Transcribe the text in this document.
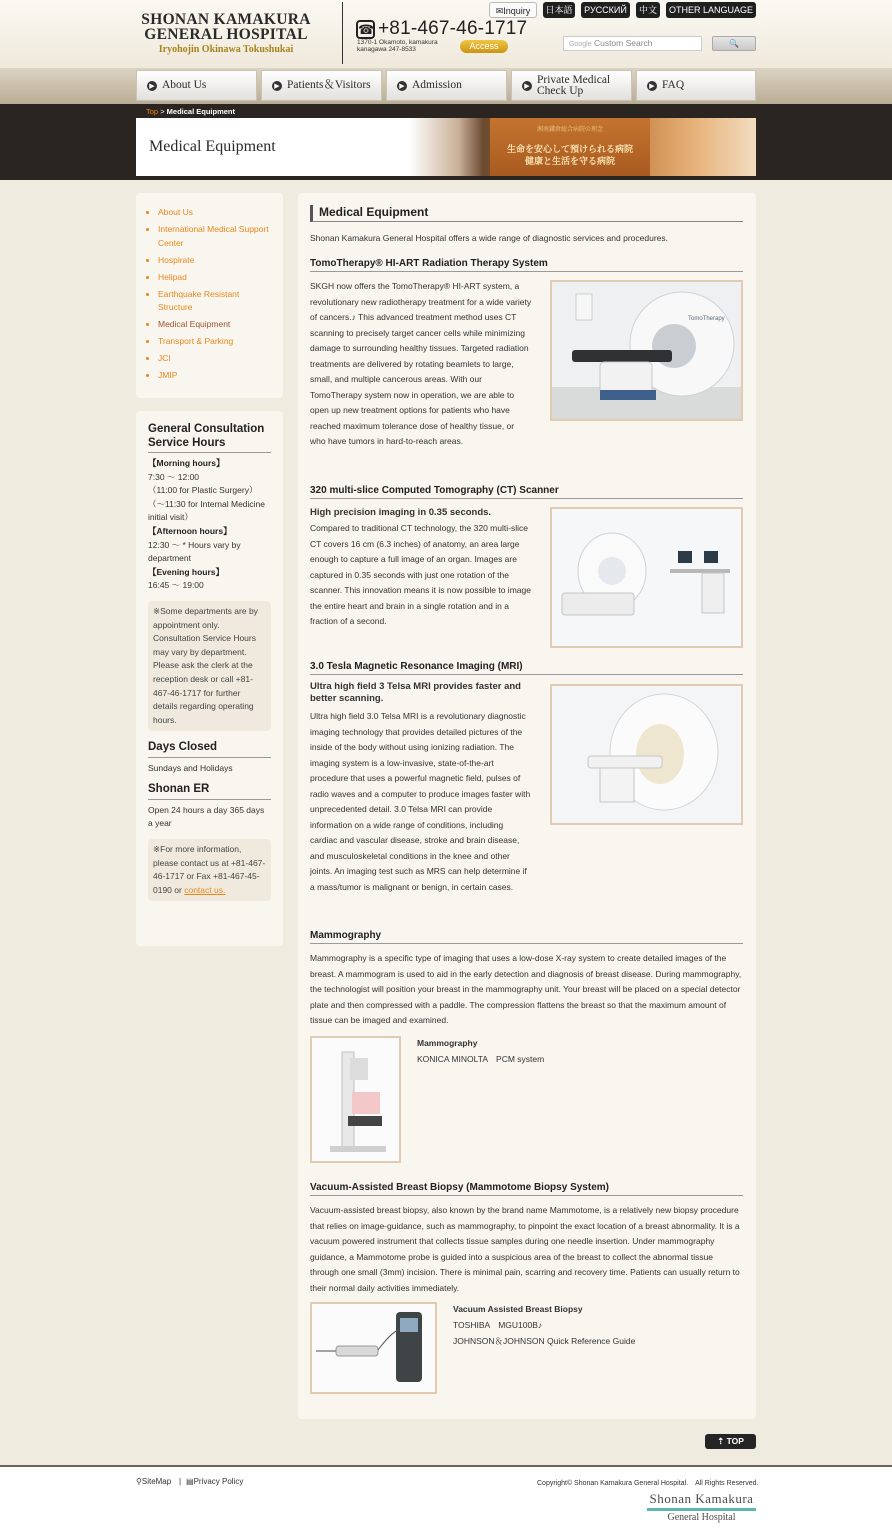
SHONAN KAMAKURA
GENERAL HOSPITAL
Iryohojin Okinawa Tokushukai
☎ +81-467-46-1717
1370-1 Okamoto, kamakura kanagawa 247-8533	Access
✉Inquiry	日本語	РУССКИЙ	中文	OTHER LANGUAGE
Google Custom Search	🔍
▶ About Us	▶ Patients＆Visitors	▶ Admission	▶ Private Medical Check Up	▶ FAQ
Top > Medical Equipment
Medical Equipment
湘南鎌倉総合病院の理念
生命を安心して預けられる病院
健康と生活を守る病院
• About Us
• International Medical Support Center
• Hospirate
• Helipad
• Earthquake Resistant Structure
• Medical Equipment
• Transport & Parking
• JCI
• JMIP
General Consultation Service Hours
【Morning hours】
7:30 ～ 12:00
（11:00 for Plastic Surgery）
（～11:30 for Internal Medicine initial visit）
【Afternoon hours】
12:30 ～ * Hours vary by department
【Evening hours】
16:45 ～ 19:00
※Some departments are by appointment only. Consultation Service Hours may vary by department. Please ask the clerk at the reception desk or call +81-467-46-1717 for further details regarding operating hours.
Days Closed
Sundays and Holidays
Shonan ER
Open 24 hours a day 365 days a year
※For more information, please contact us at +81-467-46-1717 or Fax +81-467-45-0190 or contact us.
Medical Equipment
Shonan Kamakura General Hospital offers a wide range of diagnostic services and procedures.
TomoTherapy® HI-ART Radiation Therapy System
SKGH now offers the TomoTherapy® HI-ART system, a revolutionary new radiotherapy treatment for a wide variety of cancers.♪ This advanced treatment method uses CT scanning to precisely target cancer cells while minimizing damage to surrounding healthy tissues. Targeted radiation treatments are delivered by rotating beamlets to large, small, and multiple cancerous areas. With our TomoTherapy system now in operation, we are able to open up new treatment options for patients who have reached maximum tolerance dose of healthy tissue, or who have tumors in hard-to-reach areas.
TomoTherapy
320 multi-slice Computed Tomography (CT) Scanner
High precision imaging in 0.35 seconds.
Compared to traditional CT technology, the 320 multi-slice CT covers 16 cm (6.3 inches) of anatomy, an area large enough to capture a full image of an organ. Images are captured in 0.35 seconds with just one rotation of the scanner. This innovation means it is now possible to image the entire heart and brain in a single rotation and in a fraction of a second.
3.0 Tesla Magnetic Resonance Imaging (MRI)
Ultra high field 3 Telsa MRI provides faster and better scanning.
Ultra high field 3.0 Telsa MRI is a revolutionary diagnostic imaging technology that provides detailed pictures of the inside of the body without using ionizing radiation. The imaging system is a low-invasive, state-of-the-art procedure that uses a powerful magnetic field, pulses of radio waves and a computer to produce images faster with unprecedented detail. 3.0 Telsa MRI can provide information on a wide range of conditions, including cardiac and vascular disease, stroke and brain disease, and musculoskeletal conditions in the knee and other joints. An imaging test such as MRS can help determine if a mass/tumor is malignant or benign, in certain cases.
Mammography
Mammography is a specific type of imaging that uses a low-dose X-ray system to create detailed images of the breast. A mammogram is used to aid in the early detection and diagnosis of breast disease. During mammography, the technologist will position your breast in the mammography unit. Your breast will be placed on a special detector plate and then compressed with a paddle. The compression flattens the breast so that the maximum amount of tissue can be imaged and examined.
Mammography
KONICA MINOLTA　PCM system
Vacuum-Assisted Breast Biopsy (Mammotome Biopsy System)
Vacuum-assisted breast biopsy, also known by the brand name Mammotome, is a relatively new biopsy procedure that relies on image-guidance, such as mammography, to pinpoint the exact location of a breast abnormality. It is a vacuum powered instrument that collects tissue samples during one needle insertion. Under mammography guidance, a Mammotome probe is guided into a suspicious area of the breast to collect the abnormal tissue through one small (3mm) incision. There is minimal pain, scarring and recovery time. Patients can usually return to their normal daily activities immediately.
Vacuum Assisted Breast Biopsy
TOSHIBA　MGU100B♪
JOHNSON＆JOHNSON Quick Reference Guide
⇡ TOP
⚲SiteMap | ▤Privacy Policy	Copyright© Shonan Kamakura General Hospital.　All Rights Reserved.
Shonan Kamakura
General Hospital
